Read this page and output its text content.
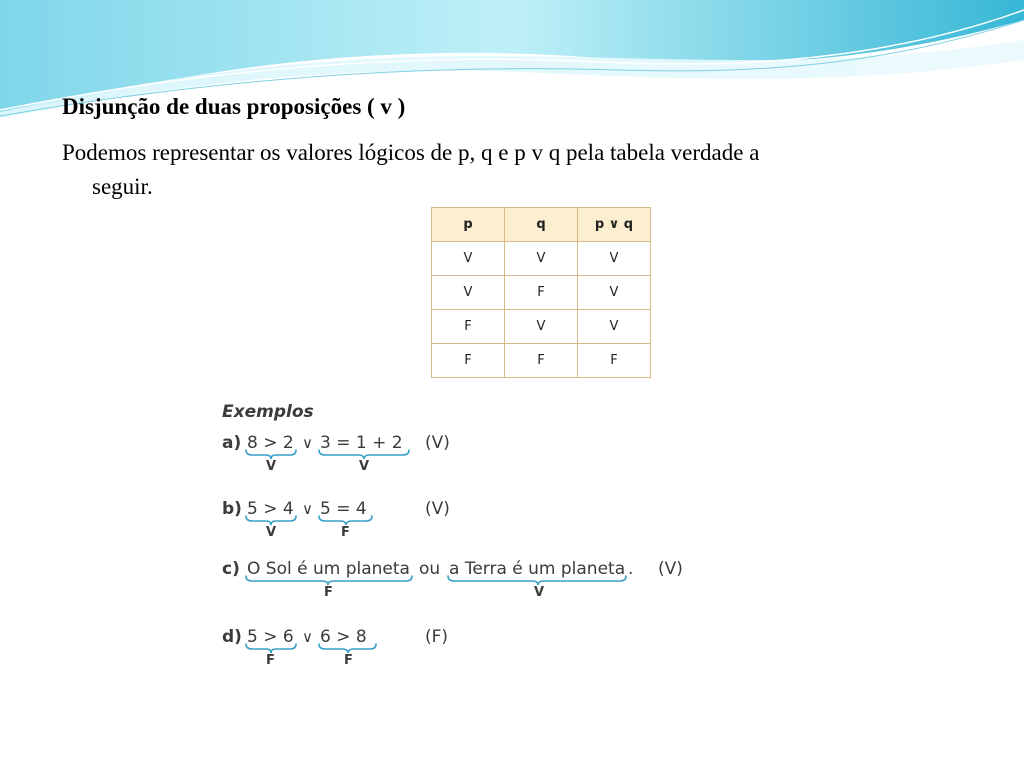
Disjunção de duas proposições ( v )
Podemos representar os valores lógicos de p, q e p v q pela tabela verdade a
seguir.
p	q	p ∨ q
V	V	V
V	F	V
F	V	V
F	F	F
Exemplos
a) 8 > 2 ∨ 3 = 1 + 2 (V)
V	V
b) 5 > 4 ∨ 5 = 4	(V)
V	F
c) O Sol é um planeta ou a Terra é um planeta . (V)
F	V
d) 5 > 6 ∨ 6 > 8	(F)
F	F
